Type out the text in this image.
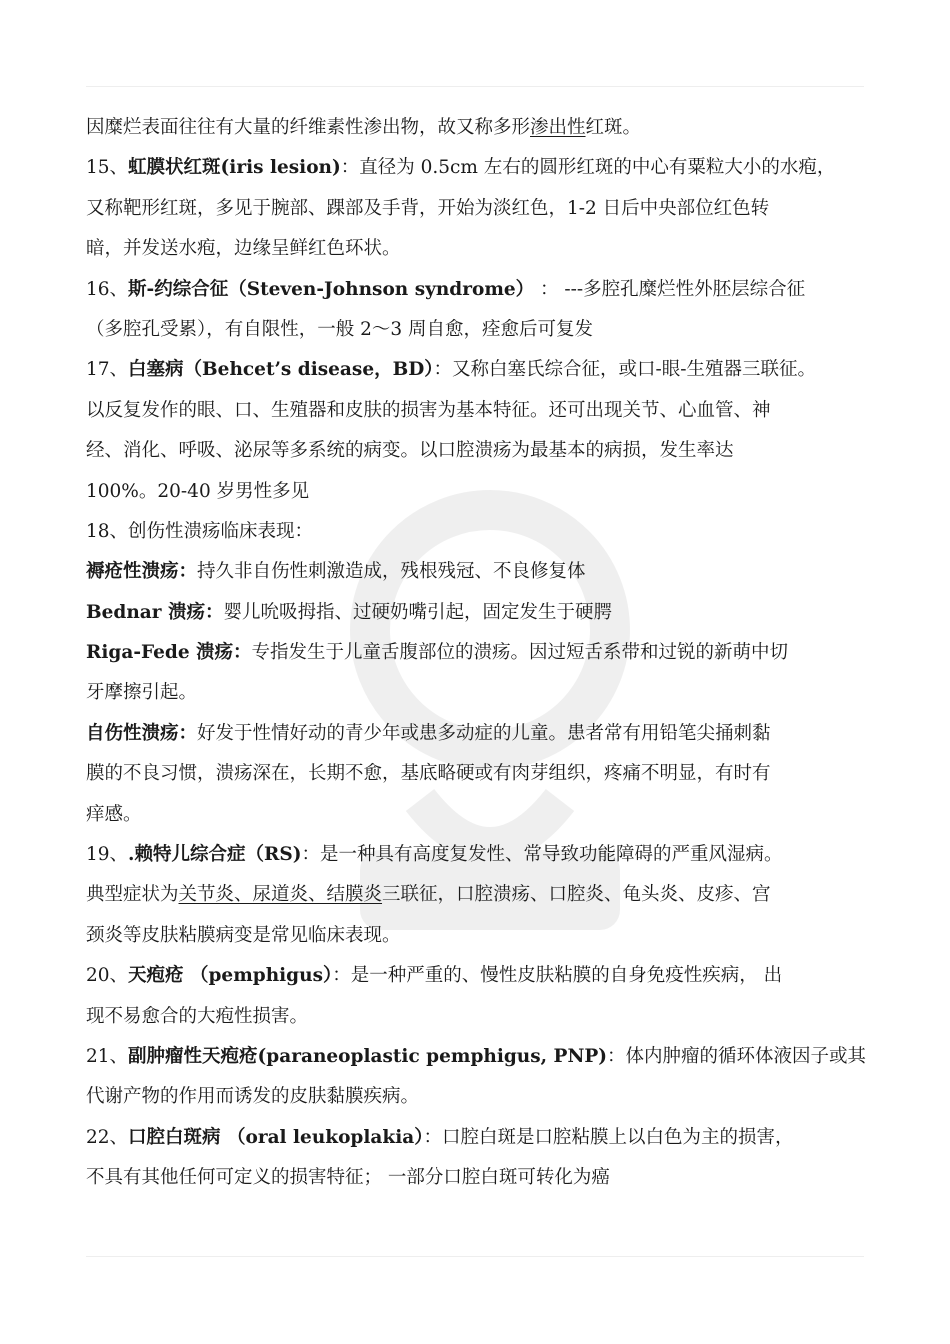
因糜烂表面往往有大量的纤维素性渗出物，故又称多形渗出性红斑。
15、虹膜状红斑(iris lesion)：直径为 0.5cm 左右的圆形红斑的中心有粟粒大小的水疱，
又称靶形红斑，多见于腕部、踝部及手背，开始为淡红色，1-2 日后中央部位红色转
暗，并发送水疱，边缘呈鲜红色环状。
16、斯-约综合征（Steven-Johnson syndrome） ： ---多腔孔糜烂性外胚层综合征
（多腔孔受累），有自限性，一般 2～3 周自愈，痊愈后可复发
17、白塞病（Behcet’s disease，BD）：又称白塞氏综合征，或口-眼-生殖器三联征。
以反复发作的眼、口、生殖器和皮肤的损害为基本特征。还可出现关节、心血管、神
经、消化、呼吸、泌尿等多系统的病变。以口腔溃疡为最基本的病损，发生率达
100%。20-40 岁男性多见
18、创伤性溃疡临床表现：
褥疮性溃疡：持久非自伤性刺激造成，残根残冠、不良修复体
Bednar 溃疡：婴儿吮吸拇指、过硬奶嘴引起，固定发生于硬腭
Riga-Fede 溃疡：专指发生于儿童舌腹部位的溃疡。因过短舌系带和过锐的新萌中切
牙摩擦引起。
自伤性溃疡：好发于性情好动的青少年或患多动症的儿童。患者常有用铅笔尖捅刺黏
膜的不良习惯，溃疡深在，长期不愈，基底略硬或有肉芽组织，疼痛不明显，有时有
痒感。
19、.赖特儿综合症（RS)：是一种具有高度复发性、常导致功能障碍的严重风湿病。
典型症状为关节炎、尿道炎、结膜炎三联征，口腔溃疡、口腔炎、龟头炎、皮疹、宫
颈炎等皮肤粘膜病变是常见临床表现。
20、天疱疮 （pemphigus）：是一种严重的、慢性皮肤粘膜的自身免疫性疾病， 出
现不易愈合的大疱性损害。
21、副肿瘤性天疱疮(paraneoplastic pemphigus, PNP)：体内肿瘤的循环体液因子或其
代谢产物的作用而诱发的皮肤黏膜疾病。
22、口腔白斑病 （oral leukoplakia）：口腔白斑是口腔粘膜上以白色为主的损害，
不具有其他任何可定义的损害特征； 一部分口腔白斑可转化为癌
